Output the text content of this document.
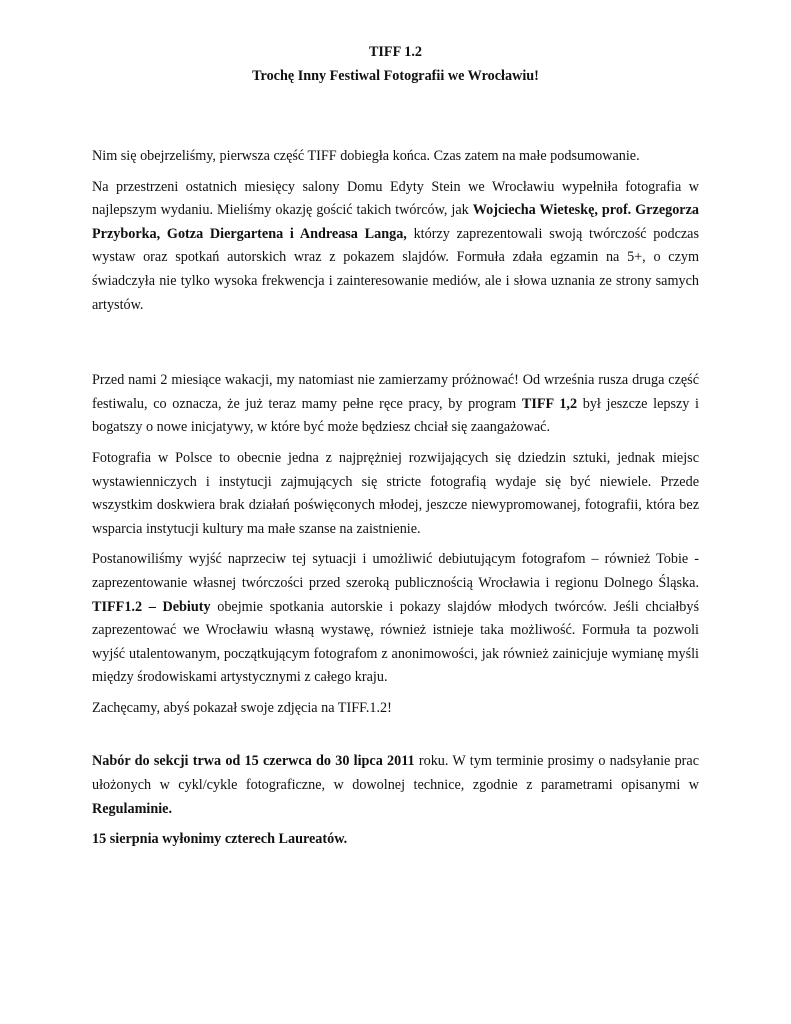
TIFF 1.2

Trochę Inny Festiwal Fotografii we Wrocławiu!

Nim się obejrzeliśmy, pierwsza część TIFF dobiegła końca. Czas zatem na małe podsumowanie.

Na przestrzeni ostatnich miesięcy salony Domu Edyty Stein we Wrocławiu wypełniła fotografia w najlepszym wydaniu. Mieliśmy okazję gościć takich twórców, jak Wojciecha Wieteskę, prof. Grzegorza Przyborka, Gotza Diergartena i Andreasa Langa, którzy zaprezentowali swoją twórczość podczas wystaw oraz spotkań autorskich wraz z pokazem slajdów. Formuła zdała egzamin na 5+, o czym świadczyła nie tylko wysoka frekwencja i zainteresowanie mediów, ale i słowa uznania ze strony samych artystów.

Przed nami 2 miesiące wakacji, my natomiast nie zamierzamy próżnować! Od września rusza druga część festiwalu, co oznacza, że już teraz mamy pełne ręce pracy, by program TIFF 1,2 był jeszcze lepszy i bogatszy o nowe inicjatywy, w które być może będziesz chciał się zaangażować.

Fotografia w Polsce to obecnie jedna z najprężniej rozwijających się dziedzin sztuki, jednak miejsc wystawienniczych i instytucji zajmujących się stricte fotografią wydaje się być niewiele. Przede wszystkim doskwiera brak działań poświęconych młodej, jeszcze niewypromowanej, fotografii, która bez wsparcia instytucji kultury ma małe szanse na zaistnienie.

Postanowiliśmy wyjść naprzeciw tej sytuacji i umożliwić debiutującym fotografom – również Tobie - zaprezentowanie własnej twórczości przed szeroką publicznością Wrocławia i regionu Dolnego Śląska. TIFF1.2 – Debiuty obejmie spotkania autorskie i pokazy slajdów młodych twórców. Jeśli chciałbyś zaprezentować we Wrocławiu własną wystawę, również istnieje taka możliwość. Formuła ta pozwoli wyjść utalentowanym, początkującym fotografom z anonimowości, jak również zainicjuje wymianę myśli między środowiskami artystycznymi z całego kraju.

Zachęcamy, abyś pokazał swoje zdjęcia na TIFF.1.2!

Nabór do sekcji trwa od 15 czerwca do 30 lipca 2011 roku. W tym terminie prosimy o nadsyłanie prac ułożonych w cykl/cykle fotograficzne, w dowolnej technice, zgodnie z parametrami opisanymi w Regulaminie.

15 sierpnia wyłonimy czterech Laureatów.
